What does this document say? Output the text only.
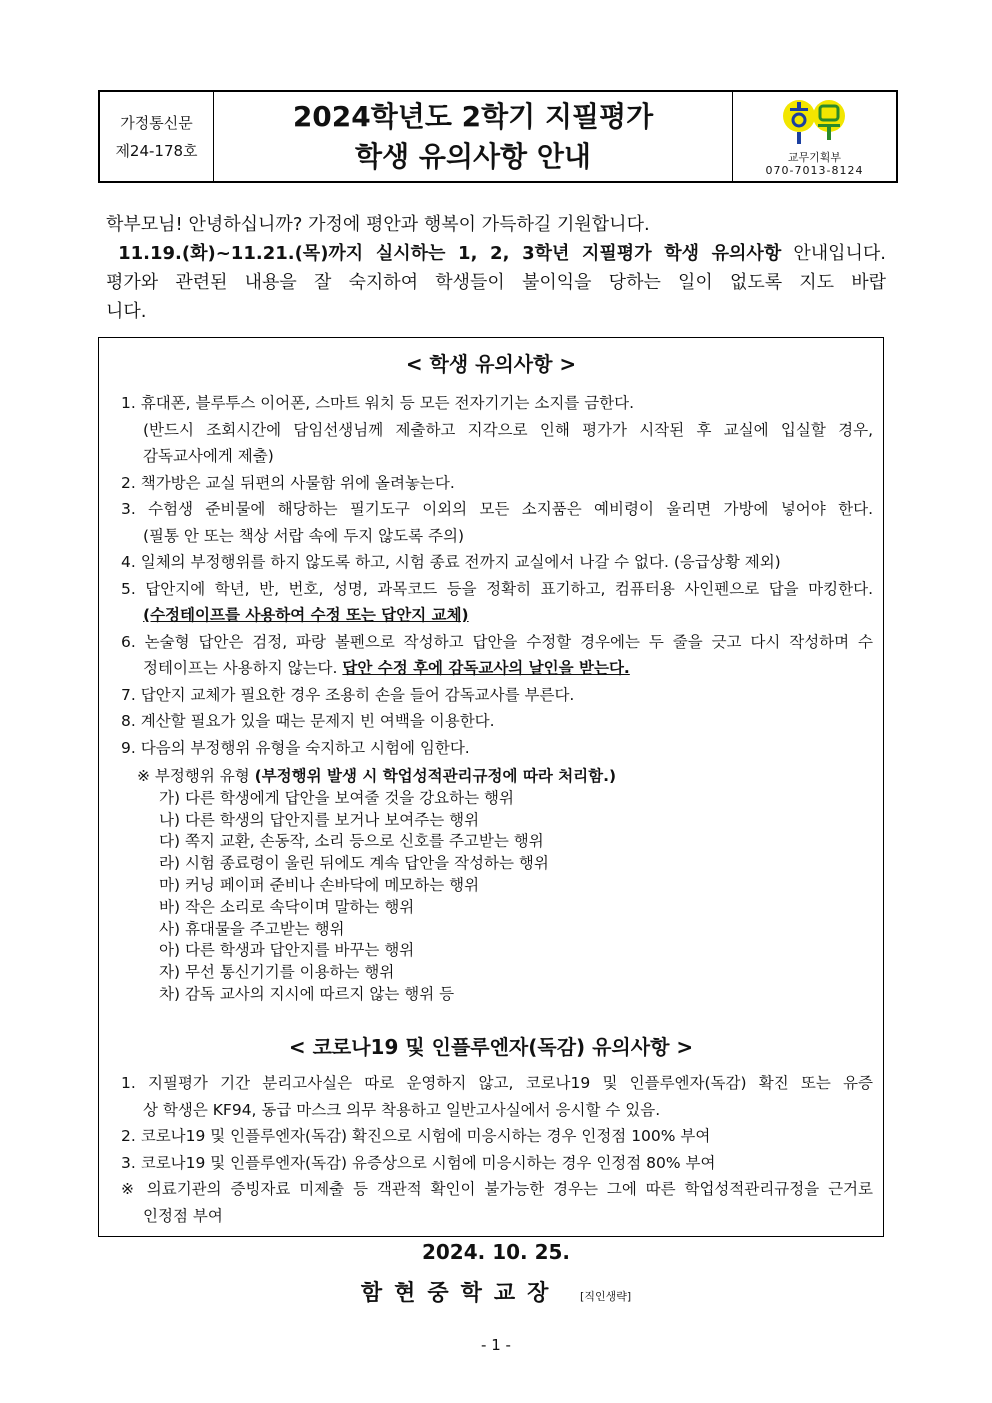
가정통신문
제24-178호
2024학년도 2학기 지필평가
학생 유의사항 안내	교무기획부
070-7013-8124

학부모님! 안녕하십니까? 가정에 평안과 행복이 가득하길 기원합니다.

11.19.(화)~11.21.(목)까지 실시하는 1, 2, 3학년 지필평가 학생 유의사항 안내입니다.

평가와 관련된 내용을 잘 숙지하여 학생들이 불이익을 당하는 일이 없도록 지도 바랍

니다.

< 학생 유의사항 >

1. 휴대폰, 블루투스 이어폰, 스마트 워치 등 모든 전자기기는 소지를 금한다.

(반드시 조회시간에 담임선생님께 제출하고 지각으로 인해 평가가 시작된 후 교실에 입실할 경우,

감독교사에게 제출)

2. 책가방은 교실 뒤편의 사물함 위에 올려놓는다.

3. 수험생 준비물에 해당하는 필기도구 이외의 모든 소지품은 예비령이 울리면 가방에 넣어야 한다.

(필통 안 또는 책상 서랍 속에 두지 않도록 주의)

4. 일체의 부정행위를 하지 않도록 하고, 시험 종료 전까지 교실에서 나갈 수 없다. (응급상황 제외)

5. 답안지에 학년, 반, 번호, 성명, 과목코드 등을 정확히 표기하고, 컴퓨터용 사인펜으로 답을 마킹한다.

(수정테이프를 사용하여 수정 또는 답안지 교체)

6. 논술형 답안은 검정, 파랑 볼펜으로 작성하고 답안을 수정할 경우에는 두 줄을 긋고 다시 작성하며 수

정테이프는 사용하지 않는다. 답안 수정 후에 감독교사의 날인을 받는다.

7. 답안지 교체가 필요한 경우 조용히 손을 들어 감독교사를 부른다.

8. 계산할 필요가 있을 때는 문제지 빈 여백을 이용한다.

9. 다음의 부정행위 유형을 숙지하고 시험에 임한다.

※ 부정행위 유형 (부정행위 발생 시 학업성적관리규정에 따라 처리함.)

가) 다른 학생에게 답안을 보여줄 것을 강요하는 행위

나) 다른 학생의 답안지를 보거나 보여주는 행위

다) 쪽지 교환, 손동작, 소리 등으로 신호를 주고받는 행위

라) 시험 종료령이 울린 뒤에도 계속 답안을 작성하는 행위

마) 커닝 페이퍼 준비나 손바닥에 메모하는 행위

바) 작은 소리로 속닥이며 말하는 행위

사) 휴대물을 주고받는 행위

아) 다른 학생과 답안지를 바꾸는 행위

자) 무선 통신기기를 이용하는 행위

차) 감독 교사의 지시에 따르지 않는 행위 등

< 코로나19 및 인플루엔자(독감) 유의사항 >

1. 지필평가 기간 분리고사실은 따로 운영하지 않고, 코로나19 및 인플루엔자(독감) 확진 또는 유증

상 학생은 KF94, 동급 마스크 의무 착용하고 일반고사실에서 응시할 수 있음.

2. 코로나19 및 인플루엔자(독감) 확진으로 시험에 미응시하는 경우 인정점 100% 부여

3. 코로나19 및 인플루엔자(독감) 유증상으로 시험에 미응시하는 경우 인정점 80% 부여

※ 의료기관의 증빙자료 미제출 등 객관적 확인이 불가능한 경우는 그에 따른 학업성적관리규정을 근거로

인정점 부여

2024. 10. 25.
함현중학교장 [직인생략]
- 1 -
